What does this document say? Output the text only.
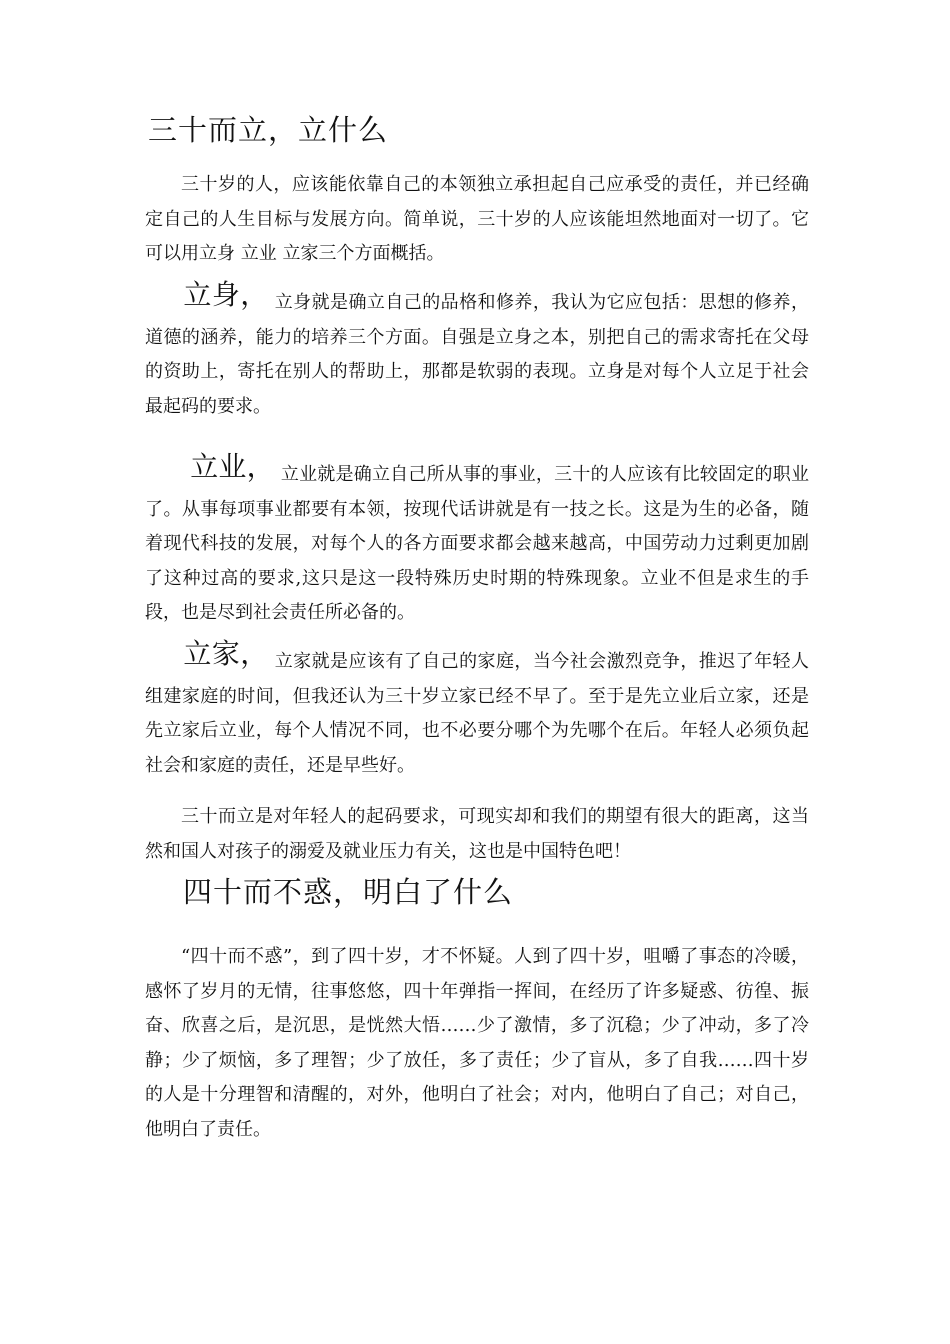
三十而立，立什么

三十岁的人，应该能依靠自己的本领独立承担起自己应承受的责任，并已经确定自己的人生目标与发展方向。简单说，三十岁的人应该能坦然地面对一切了。它可以用立身 立业 立家三个方面概括。

立身， 立身就是确立自己的品格和修养，我认为它应包括：思想的修养，道德的涵养，能力的培养三个方面。自强是立身之本，别把自己的需求寄托在父母的资助上，寄托在别人的帮助上，那都是软弱的表现。立身是对每个人立足于社会最起码的要求。

立业， 立业就是确立自己所从事的事业，三十的人应该有比较固定的职业了。从事每项事业都要有本领，按现代话讲就是有一技之长。这是为生的必备，随着现代科技的发展，对每个人的各方面要求都会越来越高，中国劳动力过剩更加剧了这种过高的要求,这只是这一段特殊历史时期的特殊现象。立业不但是求生的手段，也是尽到社会责任所必备的。

立家， 立家就是应该有了自己的家庭，当今社会激烈竞争，推迟了年轻人组建家庭的时间，但我还认为三十岁立家已经不早了。至于是先立业后立家，还是先立家后立业，每个人情况不同，也不必要分哪个为先哪个在后。年轻人必须负起社会和家庭的责任，还是早些好。

三十而立是对年轻人的起码要求，可现实却和我们的期望有很大的距离，这当然和国人对孩子的溺爱及就业压力有关，这也是中国特色吧！

四十而不惑，明白了什么

“四十而不惑”，到了四十岁，才不怀疑。人到了四十岁，咀嚼了事态的冷暖，感怀了岁月的无情，往事悠悠，四十年弹指一挥间，在经历了许多疑惑、彷徨、振奋、欣喜之后，是沉思，是恍然大悟……少了激情，多了沉稳；少了冲动，多了冷静；少了烦恼，多了理智；少了放任，多了责任；少了盲从，多了自我……四十岁的人是十分理智和清醒的，对外，他明白了社会；对内，他明白了自己；对自己，他明白了责任。
